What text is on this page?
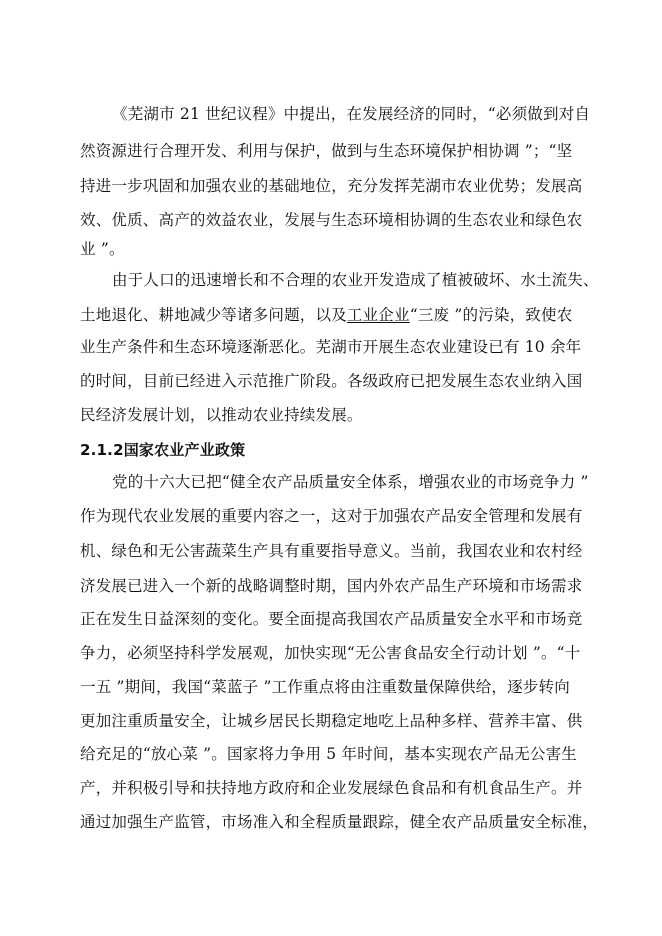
《芜湖市 21 世纪议程》中提出，在发展经济的同时，“必须做到对自
然资源进行合理开发、利用与保护，做到与生态环境保护相协调 ”；“坚
持进一步巩固和加强农业的基础地位，充分发挥芜湖市农业优势；发展高
效、优质、高产的效益农业，发展与生态环境相协调的生态农业和绿色农
业 ”。
由于人口的迅速增长和不合理的农业开发造成了植被破坏、水土流失、
土地退化、耕地减少等诸多问题，以及工业企业“三废 ”的污染，致使农
业生产条件和生态环境逐渐恶化。芜湖市开展生态农业建设已有 10 余年
的时间，目前已经进入示范推广阶段。各级政府已把发展生态农业纳入国
民经济发展计划，以推动农业持续发展。
2.1.2国家农业产业政策
党的十六大已把“健全农产品质量安全体系，增强农业的市场竞争力 ”
作为现代农业发展的重要内容之一，这对于加强农产品安全管理和发展有
机、绿色和无公害蔬菜生产具有重要指导意义。当前，我国农业和农村经
济发展已进入一个新的战略调整时期，国内外农产品生产环境和市场需求
正在发生日益深刻的变化。要全面提高我国农产品质量安全水平和市场竞
争力，必须坚持科学发展观，加快实现“无公害食品安全行动计划 ”。“十
一五 ”期间，我国“菜蓝子 ”工作重点将由注重数量保障供给，逐步转向
更加注重质量安全，让城乡居民长期稳定地吃上品种多样、营养丰富、供
给充足的“放心菜 ”。国家将力争用 5 年时间，基本实现农产品无公害生
产，并积极引导和扶持地方政府和企业发展绿色食品和有机食品生产。并
通过加强生产监管，市场准入和全程质量跟踪，健全农产品质量安全标准，
